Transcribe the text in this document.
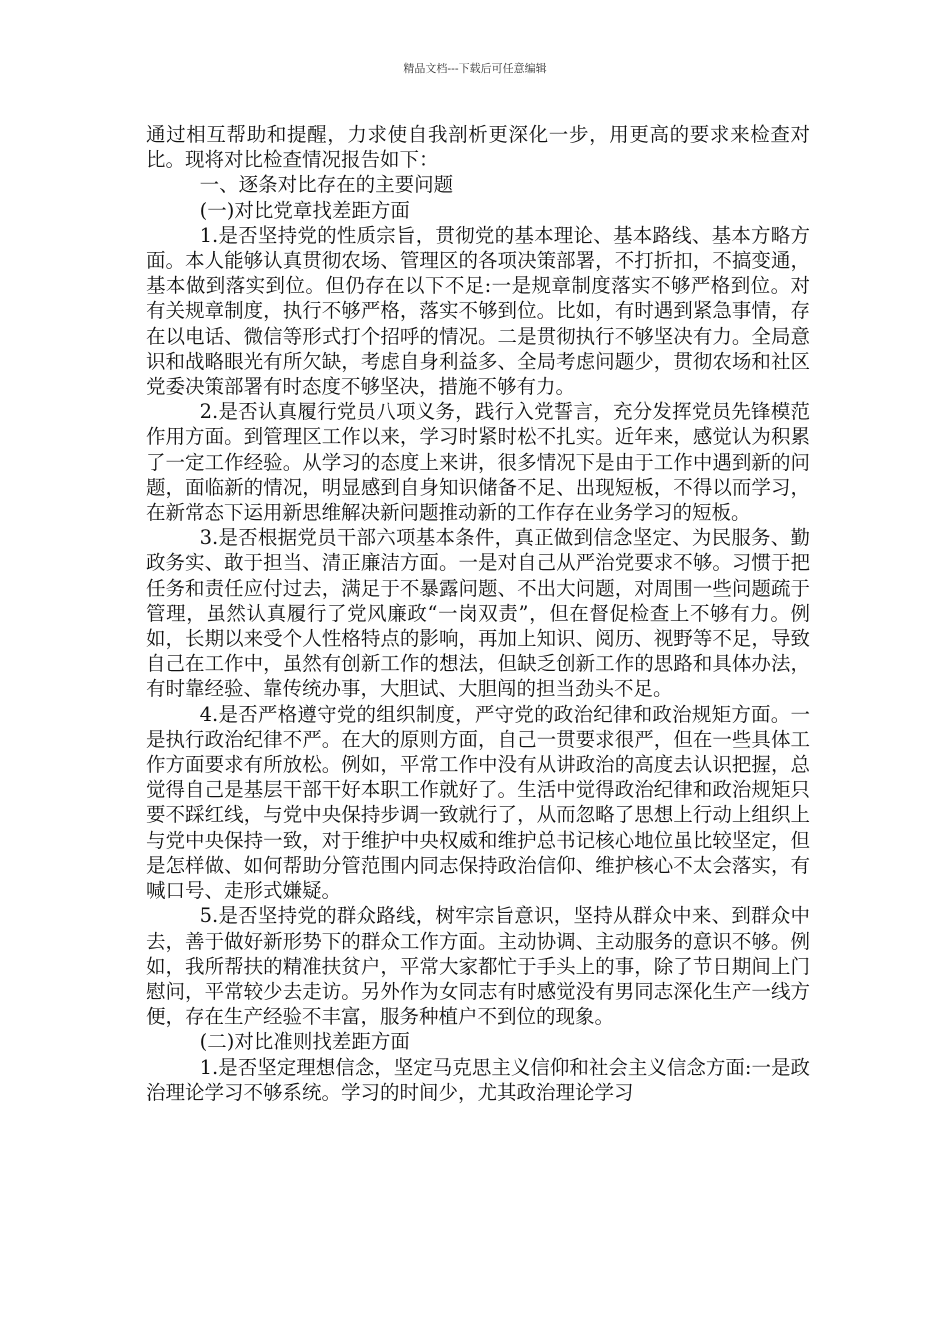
精品文档---下载后可任意编辑

通过相互帮助和提醒，力求使自我剖析更深化一步，用更高的要求来检查对比。现将对比检查情况报告如下：

一、逐条对比存在的主要问题

(一)对比党章找差距方面

1.是否坚持党的性质宗旨，贯彻党的基本理论、基本路线、基本方略方面。本人能够认真贯彻农场、管理区的各项决策部署，不打折扣，不搞变通，基本做到落实到位。但仍存在以下不足:一是规章制度落实不够严格到位。对有关规章制度，执行不够严格，落实不够到位。比如，有时遇到紧急事情，存在以电话、微信等形式打个招呼的情况。二是贯彻执行不够坚决有力。全局意识和战略眼光有所欠缺，考虑自身利益多、全局考虑问题少，贯彻农场和社区党委决策部署有时态度不够坚决，措施不够有力。

2.是否认真履行党员八项义务，践行入党誓言，充分发挥党员先锋模范作用方面。到管理区工作以来，学习时紧时松不扎实。近年来，感觉认为积累了一定工作经验。从学习的态度上来讲，很多情况下是由于工作中遇到新的问题，面临新的情况，明显感到自身知识储备不足、出现短板，不得以而学习，在新常态下运用新思维解决新问题推动新的工作存在业务学习的短板。

3.是否根据党员干部六项基本条件，真正做到信念坚定、为民服务、勤政务实、敢于担当、清正廉洁方面。一是对自己从严治党要求不够。习惯于把任务和责任应付过去，满足于不暴露问题、不出大问题，对周围一些问题疏于管理，虽然认真履行了党风廉政“一岗双责”，但在督促检查上不够有力。例如，长期以来受个人性格特点的影响，再加上知识、阅历、视野等不足，导致自己在工作中，虽然有创新工作的想法，但缺乏创新工作的思路和具体办法，有时靠经验、靠传统办事，大胆试、大胆闯的担当劲头不足。

4.是否严格遵守党的组织制度，严守党的政治纪律和政治规矩方面。一是执行政治纪律不严。在大的原则方面，自己一贯要求很严，但在一些具体工作方面要求有所放松。例如，平常工作中没有从讲政治的高度去认识把握，总觉得自己是基层干部干好本职工作就好了。生活中觉得政治纪律和政治规矩只要不踩红线，与党中央保持步调一致就行了，从而忽略了思想上行动上组织上与党中央保持一致，对于维护中央权威和维护总书记核心地位虽比较坚定，但是怎样做、如何帮助分管范围内同志保持政治信仰、维护核心不太会落实，有喊口号、走形式嫌疑。

5.是否坚持党的群众路线，树牢宗旨意识，坚持从群众中来、到群众中去，善于做好新形势下的群众工作方面。主动协调、主动服务的意识不够。例如，我所帮扶的精准扶贫户，平常大家都忙于手头上的事，除了节日期间上门慰问，平常较少去走访。另外作为女同志有时感觉没有男同志深化生产一线方便，存在生产经验不丰富，服务种植户不到位的现象。

(二)对比准则找差距方面

1.是否坚定理想信念，坚定马克思主义信仰和社会主义信念方面:一是政治理论学习不够系统。学习的时间少，尤其政治理论学习
